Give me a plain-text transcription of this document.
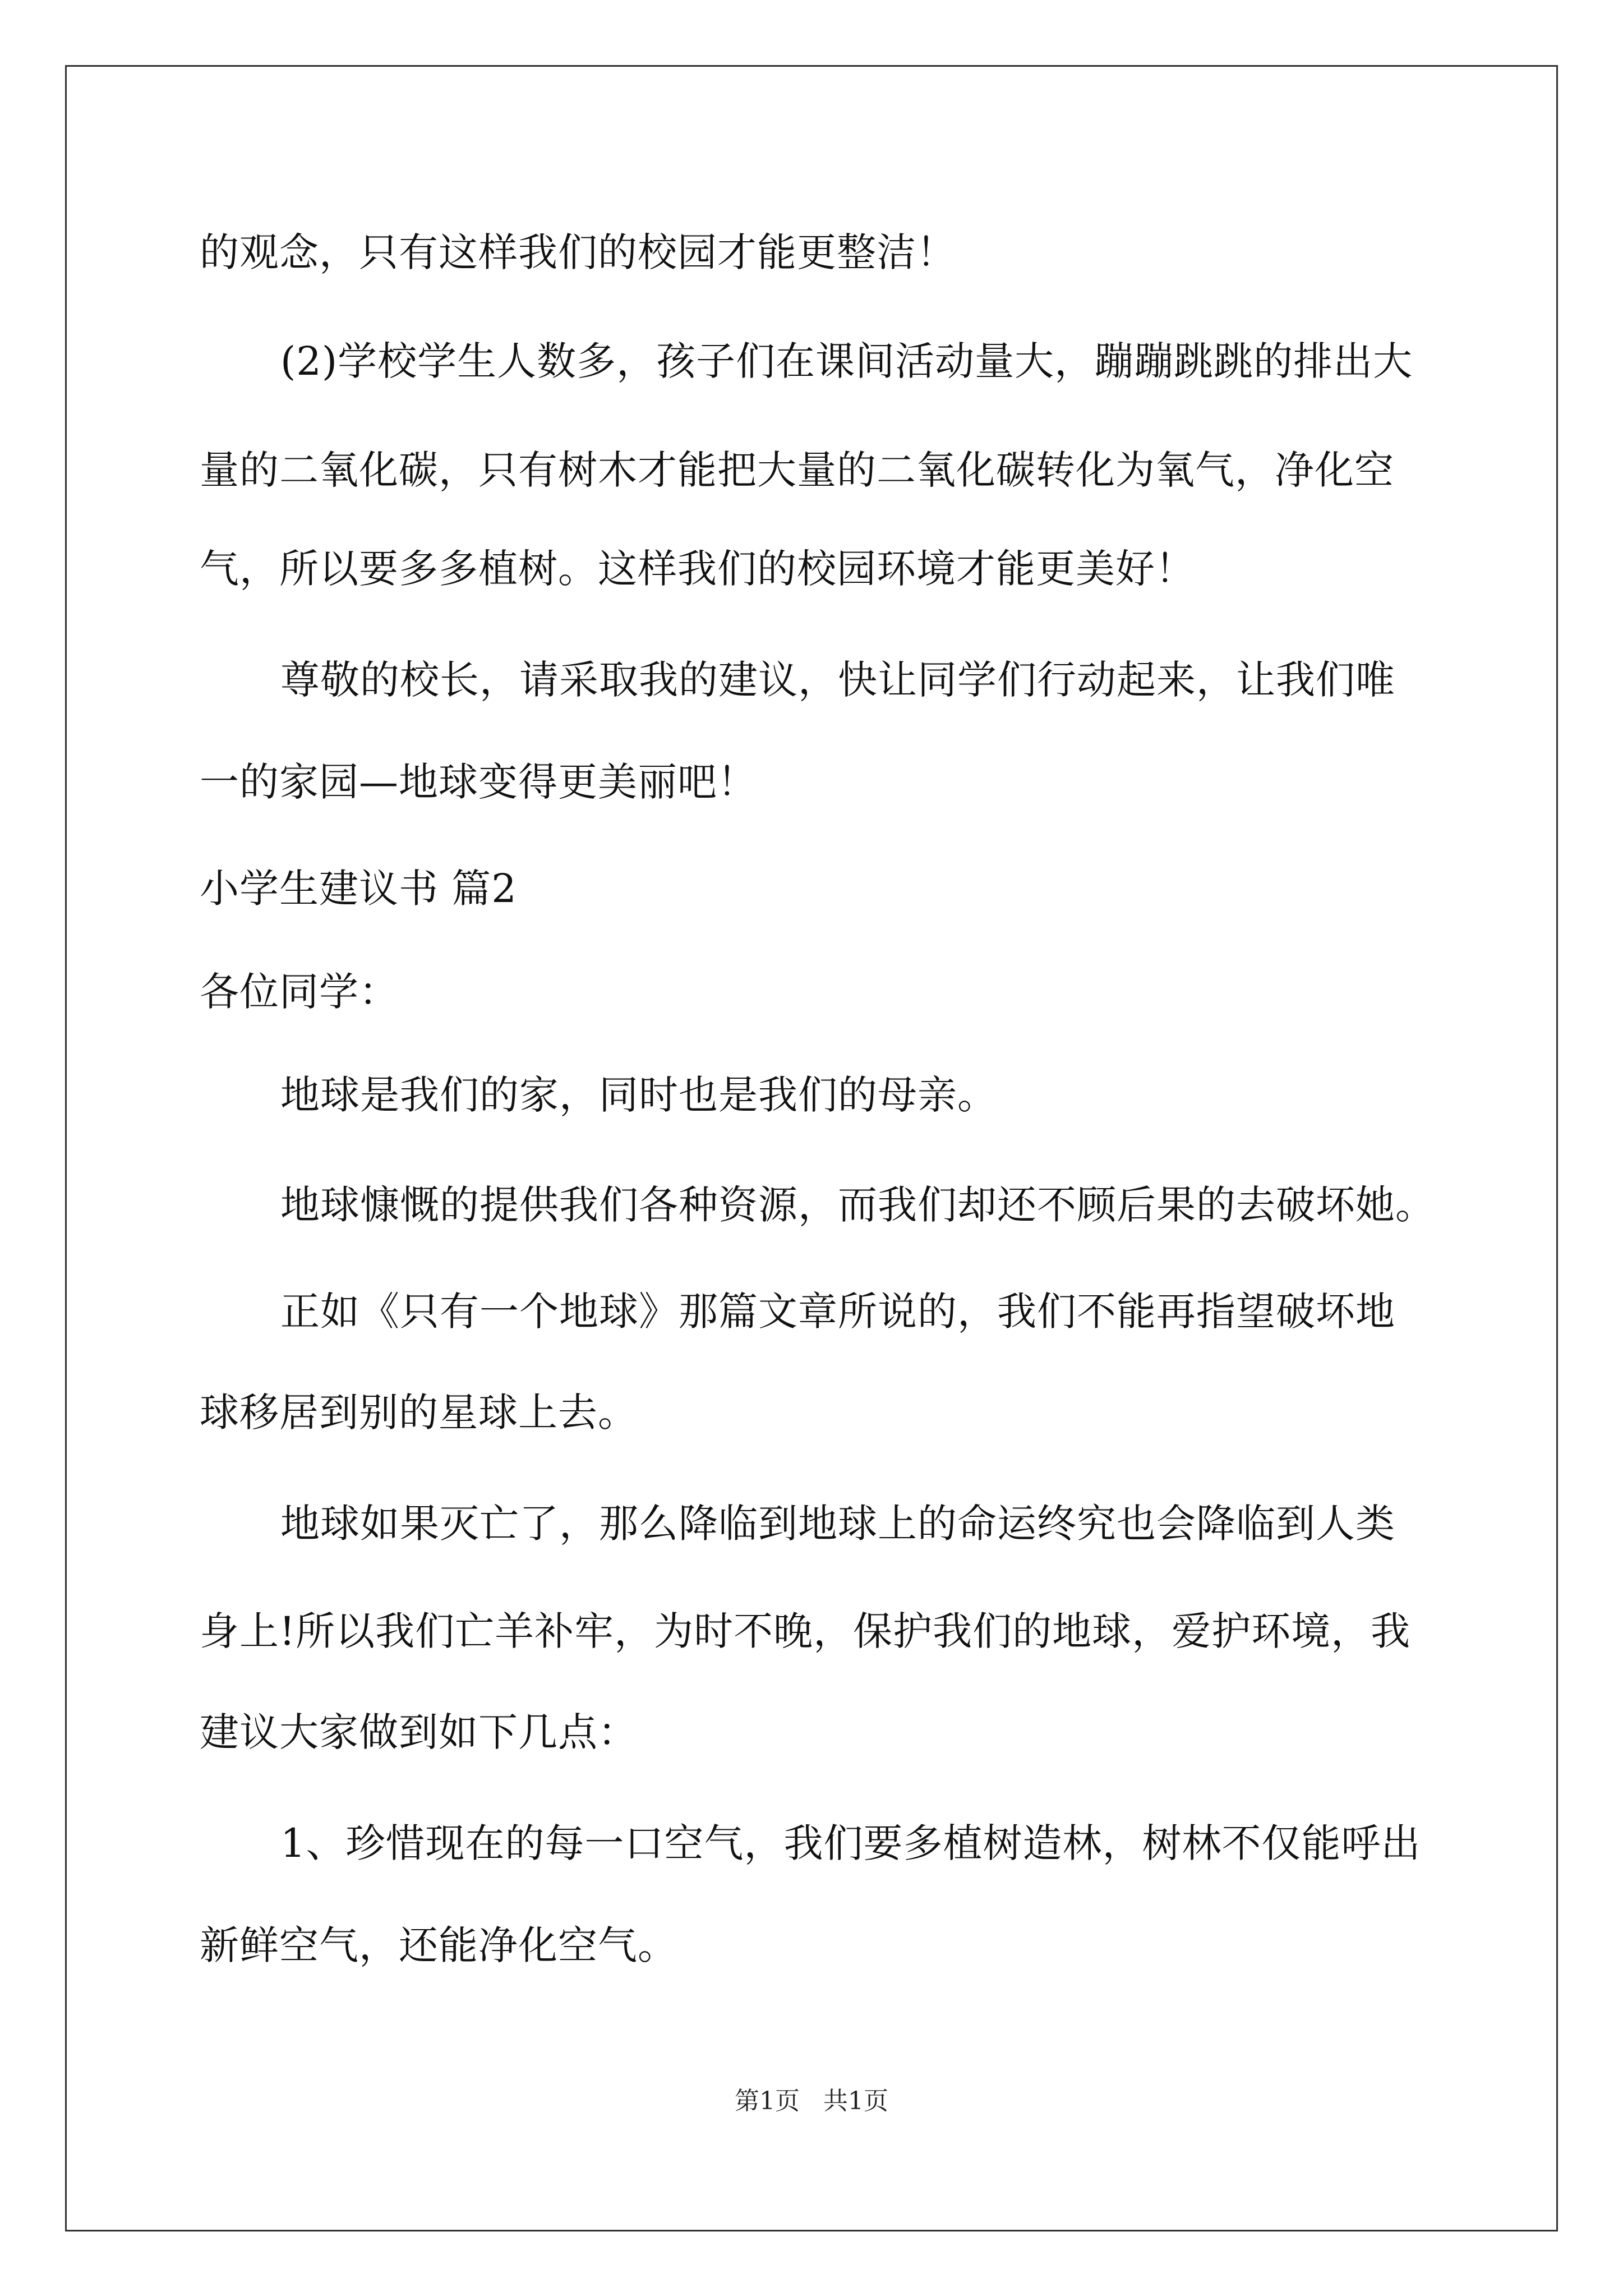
的观念，只有这样我们的校园才能更整洁！

(2)学校学生人数多，孩子们在课间活动量大，蹦蹦跳跳的排出大

量的二氧化碳，只有树木才能把大量的二氧化碳转化为氧气，净化空

气，所以要多多植树。这样我们的校园环境才能更美好！

尊敬的校长，请采取我的建议，快让同学们行动起来，让我们唯

一的家园—地球变得更美丽吧！

小学生建议书 篇2

各位同学：

地球是我们的家，同时也是我们的母亲。

地球慷慨的提供我们各种资源，而我们却还不顾后果的去破坏她。

正如《只有一个地球》那篇文章所说的，我们不能再指望破坏地

球移居到别的星球上去。

地球如果灭亡了，那么降临到地球上的命运终究也会降临到人类

身上!所以我们亡羊补牢，为时不晚，保护我们的地球，爱护环境，我

建议大家做到如下几点：

1、珍惜现在的每一口空气，我们要多植树造林，树林不仅能呼出

新鲜空气，还能净化空气。

第1页   共1页
